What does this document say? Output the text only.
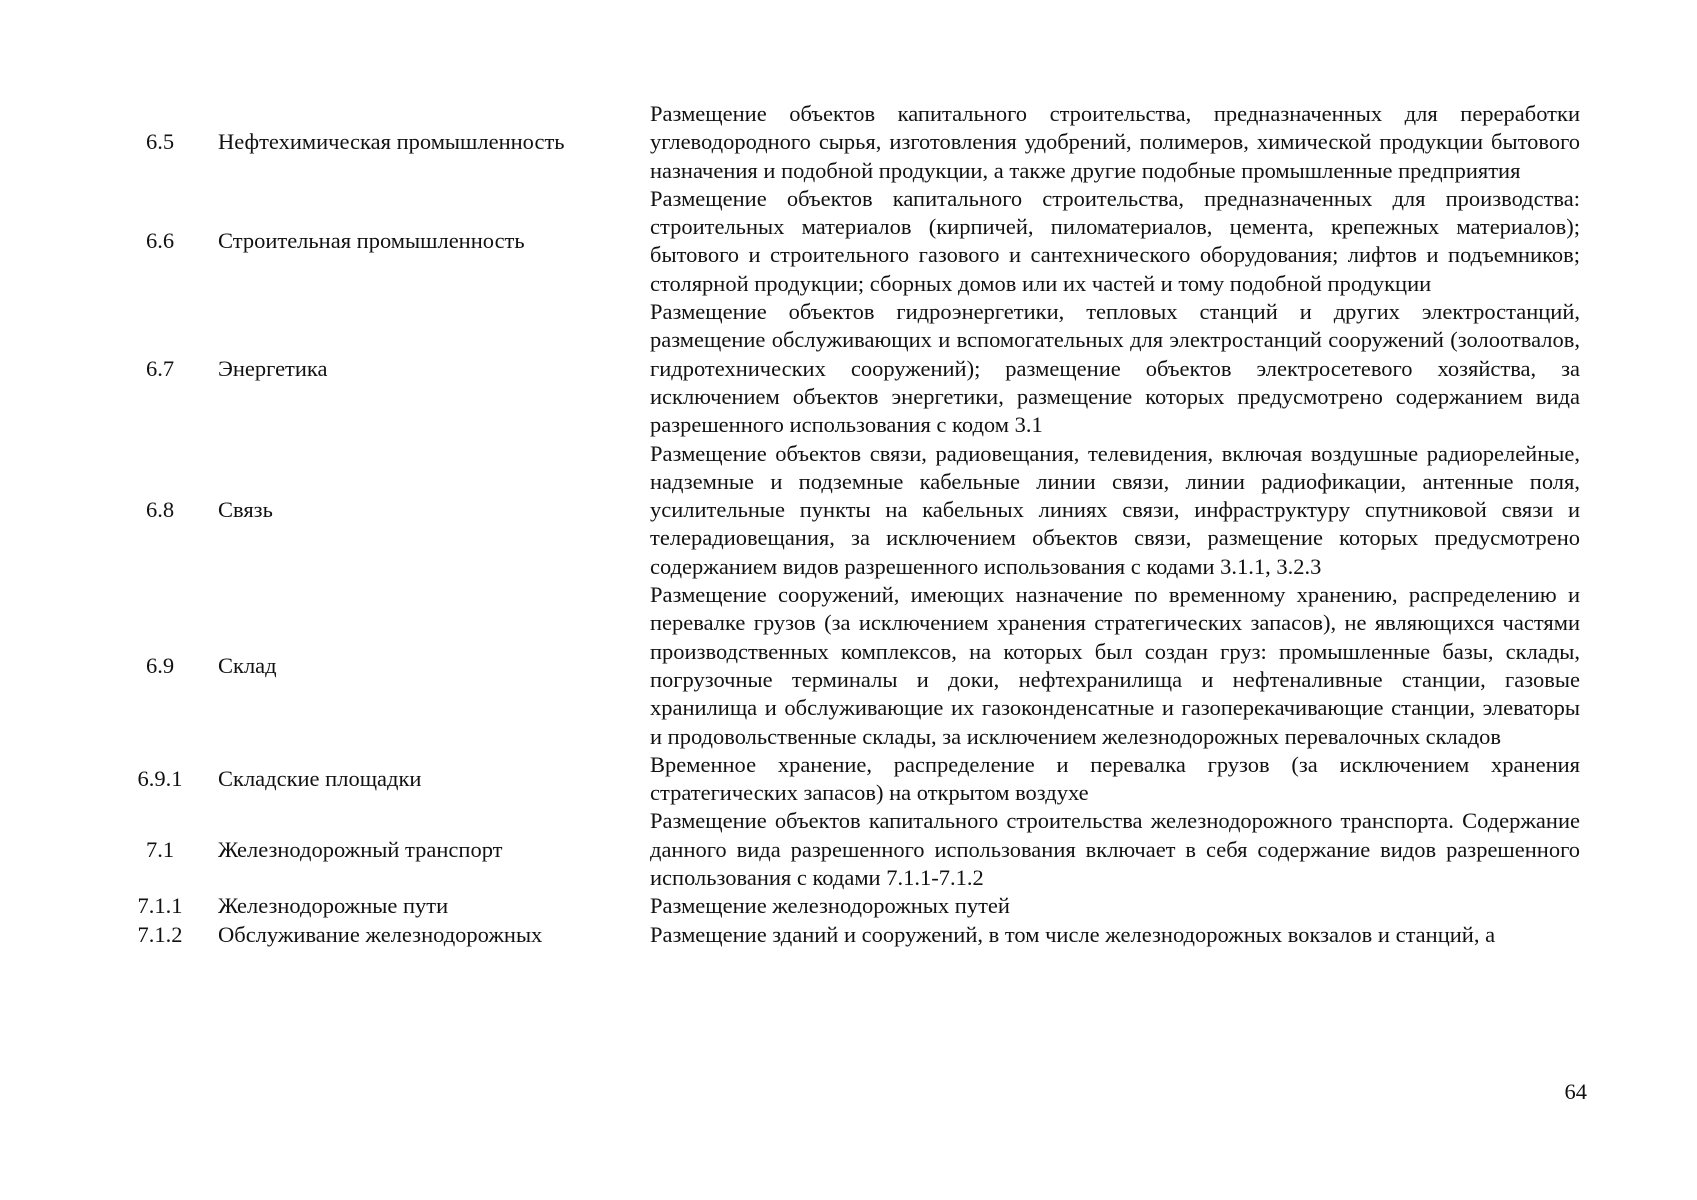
6.5	Нефтехимическая промышленность	Размещение объектов капитального строительства, предназначенных для переработки углеводородного сырья, изготовления удобрений, полимеров, химической продукции бытового назначения и подобной продукции, а также другие подобные промышленные предприятия
6.6	Строительная промышленность	Размещение объектов капитального строительства, предназначенных для производства: строительных материалов (кирпичей, пиломатериалов, цемента, крепежных материалов); бытового и строительного газового и сантехнического оборудования; лифтов и подъемников; столярной продукции; сборных домов или их частей и тому подобной продукции
6.7	Энергетика	Размещение объектов гидроэнергетики, тепловых станций и других электростанций, размещение обслуживающих и вспомогательных для электростанций сооружений (золоотвалов, гидротехнических сооружений); размещение объектов электросетевого хозяйства, за исключением объектов энергетики, размещение которых предусмотрено содержанием вида разрешенного использования с кодом 3.1
6.8	Связь	Размещение объектов связи, радиовещания, телевидения, включая воздушные радиорелейные, надземные и подземные кабельные линии связи, линии радиофикации, антенные поля, усилительные пункты на кабельных линиях связи, инфраструктуру спутниковой связи и телерадиовещания, за исключением объектов связи, размещение которых предусмотрено содержанием видов разрешенного использования с кодами 3.1.1, 3.2.3
6.9	Склад	Размещение сооружений, имеющих назначение по временному хранению, распределению и перевалке грузов (за исключением хранения стратегических запасов), не являющихся частями производственных комплексов, на которых был создан груз: промышленные базы, склады, погрузочные терминалы и доки, нефтехранилища и нефтеналивные станции, газовые хранилища и обслуживающие их газоконденсатные и газоперекачивающие станции, элеваторы и продовольственные склады, за исключением железнодорожных перевалочных складов
6.9.1	Складские площадки	Временное хранение, распределение и перевалка грузов (за исключением хранения стратегических запасов) на открытом воздухе
7.1	Железнодорожный транспорт	Размещение объектов капитального строительства железнодорожного транспорта. Содержание данного вида разрешенного использования включает в себя содержание видов разрешенного использования с кодами 7.1.1-7.1.2
7.1.1	Железнодорожные пути	Размещение железнодорожных путей
7.1.2	Обслуживание железнодорожных	Размещение зданий и сооружений, в том числе железнодорожных вокзалов и станций, а
64
